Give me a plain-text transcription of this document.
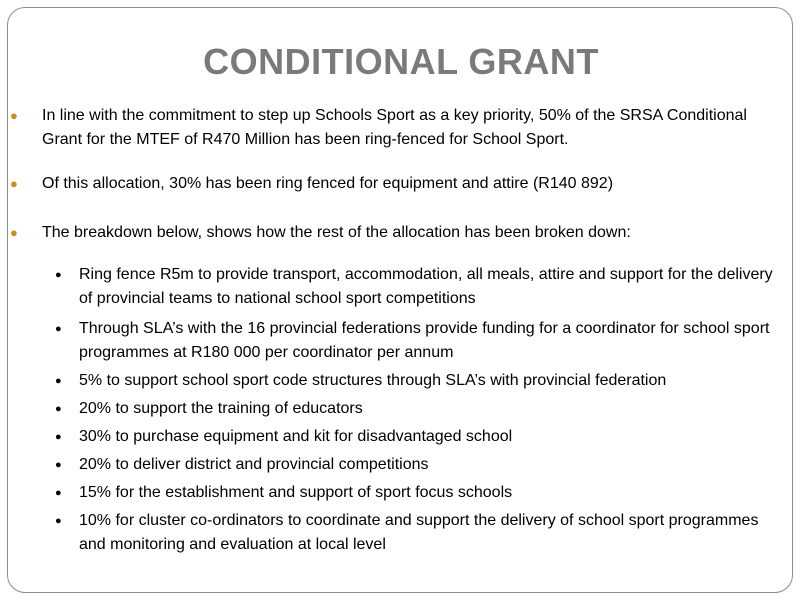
CONDITIONAL GRANT

● In line with the commitment to step up Schools Sport as a key priority, 50% of the SRSA Conditional Grant for the MTEF of R470 Million has been ring-fenced for School Sport.

● Of this allocation, 30% has been ring fenced for equipment and attire (R140 892)

● The breakdown below, shows how the rest of the allocation has been broken down:

● Ring fence R5m to provide transport, accommodation, all meals, attire and support for the delivery of provincial teams to national school sport competitions

● Through SLA’s with the 16 provincial federations provide funding for a coordinator for school sport programmes at R180 000 per coordinator per annum

● 5% to support school sport code structures through SLA’s with provincial federation

● 20% to support the training of educators

● 30% to purchase equipment and kit for disadvantaged school

● 20% to deliver district and provincial competitions

● 15% for the establishment and support of sport focus schools

● 10% for cluster co-ordinators to coordinate and support the delivery of school sport programmes and monitoring and evaluation at local level
